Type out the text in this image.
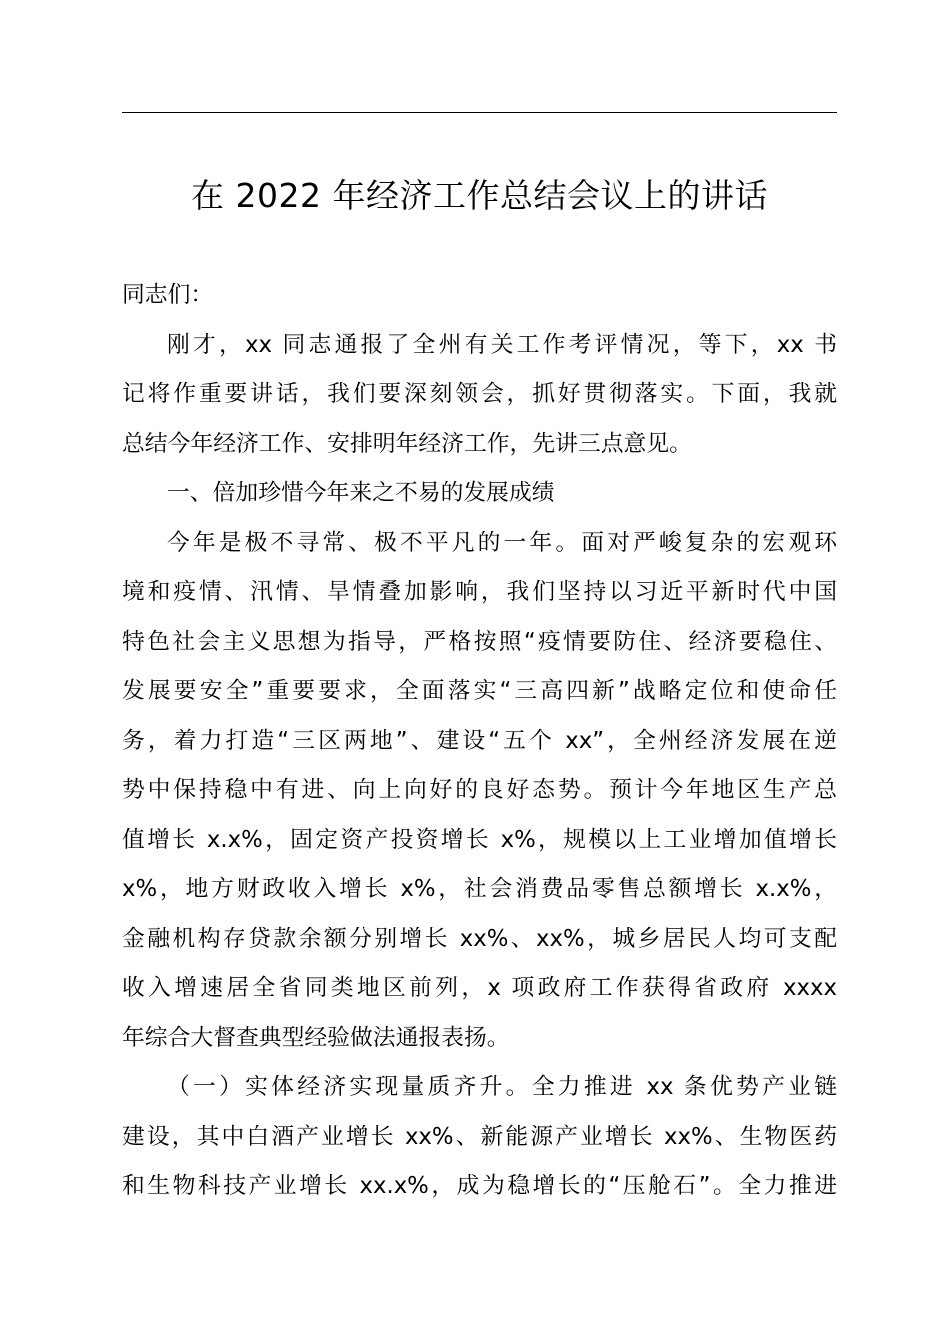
在 2022 年经济工作总结会议上的讲话
同志们：
刚才，xx 同志通报了全州有关工作考评情况，等下，xx 书
记将作重要讲话，我们要深刻领会，抓好贯彻落实。下面，我就
总结今年经济工作、安排明年经济工作，先讲三点意见。
一、倍加珍惜今年来之不易的发展成绩
今年是极不寻常、极不平凡的一年。面对严峻复杂的宏观环
境和疫情、汛情、旱情叠加影响，我们坚持以习近平新时代中国
特色社会主义思想为指导，严格按照“疫情要防住、经济要稳住、
发展要安全”重要要求，全面落实“三高四新”战略定位和使命任
务，着力打造“三区两地”、建设“五个 xx”，全州经济发展在逆
势中保持稳中有进、向上向好的良好态势。预计今年地区生产总
值增长 x.x%，固定资产投资增长 x%，规模以上工业增加值增长
x%，地方财政收入增长 x%，社会消费品零售总额增长 x.x%，
金融机构存贷款余额分别增长 xx%、xx%，城乡居民人均可支配
收入增速居全省同类地区前列，x 项政府工作获得省政府 xxxx
年综合大督查典型经验做法通报表扬。
（一）实体经济实现量质齐升。全力推进 xx 条优势产业链
建设，其中白酒产业增长 xx%、新能源产业增长 xx%、生物医药
和生物科技产业增长 xx.x%，成为稳增长的“压舱石”。全力推进
